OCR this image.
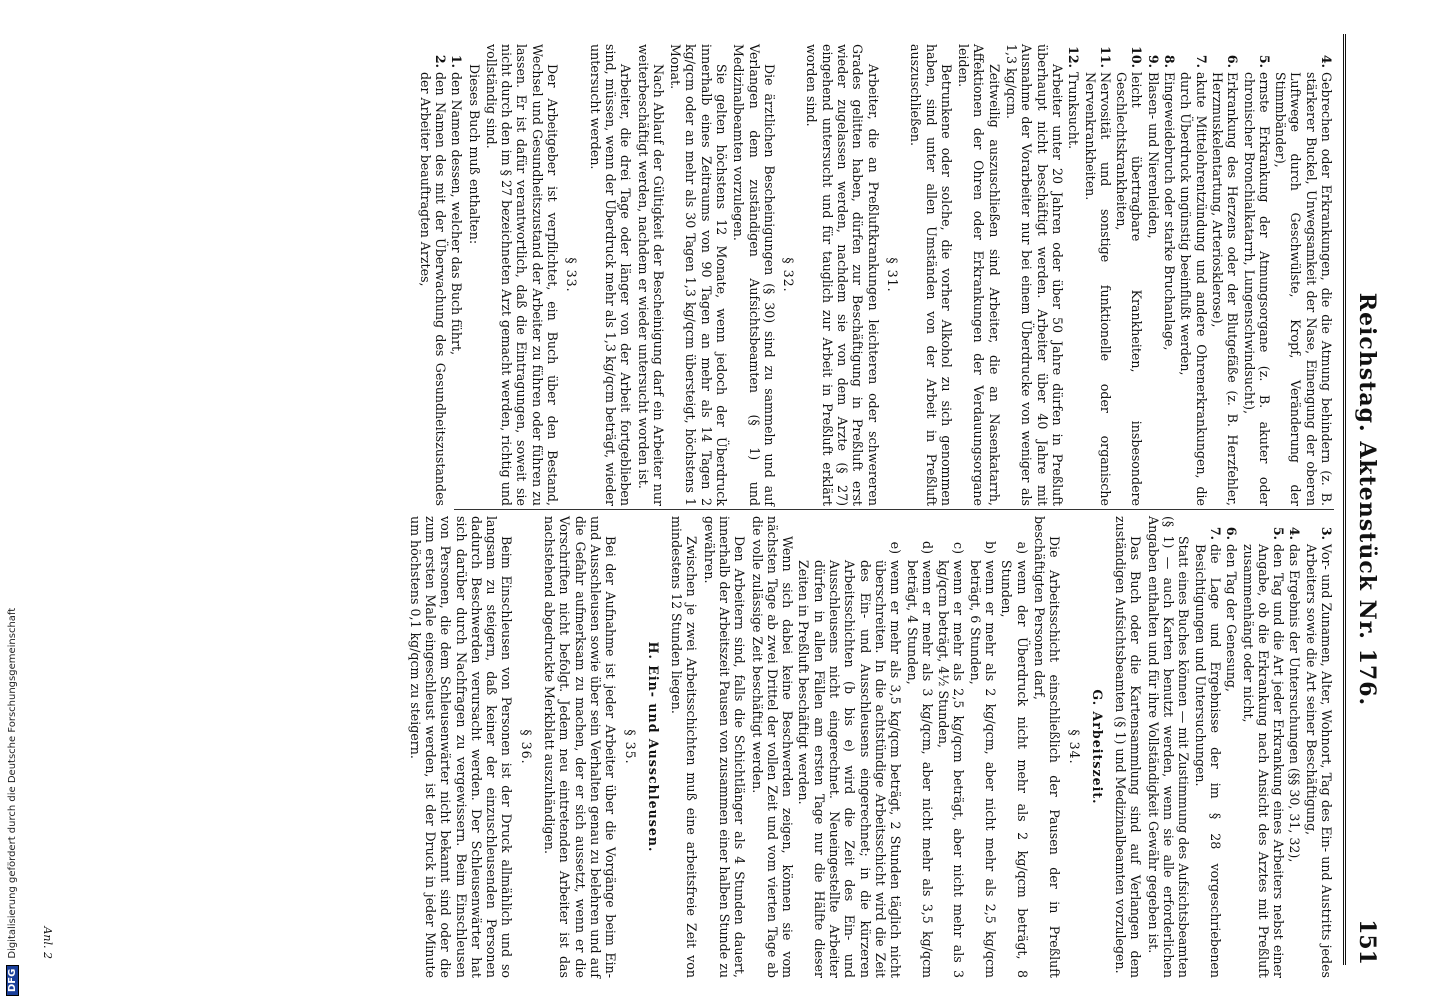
Reichstag. Aktenstück Nr. 176.
151
4.
Gebrechen oder Erkrankungen, die die Atmung behindern (z. B. stärkerer Buckel, Unwegsamkeit der Nase, Einengung der oberen Luftwege durch Geschwülste, Kropf, Veränderung der Stimmbänder),
5.
ernste Erkrankung der Atmungsorgane (z. B. akuter oder chronischer Bronchialkatarrh, Lungenschwindsucht),
6.
Erkrankung des Herzens oder der Blutgefäße (z. B. Herzfehler, Herzmuskelentartung, Arteriosklerose),
7.
akute Mittelohrentzündung und andere Ohrenerkrankungen, die durch Überdruck ungünstig beeinflußt werden,
8.
Eingeweidebruch oder starke Bruchanlage,
9.
Blasen- und Nierenleiden,
10.
leicht übertragbare Krankheiten, insbesondere Geschlechtskrankheiten,
11.
Nervosität und sonstige funktionelle oder organische Nervenkrankheiten.
12.
Trunksucht.

Arbeiter unter 20 Jahren oder über 50 Jahre dürfen in Preßluft überhaupt nicht beschäftigt werden. Arbeiter über 40 Jahre mit Ausnahme der Vorarbeiter nur bei einem Überdrucke von weniger als 1,3 kg/qcm.

Zeitweilig auszuschließen sind Arbeiter, die an Nasenkatarrh, Affektionen der Ohren oder Erkrankungen der Verdauungsorgane leiden.

Betrunkene oder solche, die vorher Alkohol zu sich genommen haben, sind unter allen Umständen von der Arbeit in Preßluft auszuschließen.

§ 31.

Arbeiter, die an Preßluftkrankungen leichteren oder schwereren Grades gelitten haben, dürfen zur Beschäftigung in Preßluft erst wieder zugelassen werden, nachdem sie von dem Arzte (§ 27) eingehend untersucht und für tauglich zur Arbeit in Preßluft erklärt worden sind.

§ 32.

Die ärztlichen Bescheinigungen (§ 30) sind zu sammeln und auf Verlangen dem zuständigen Aufsichtsbeamten (§ 1) und Medizinalbeamten vorzulegen.

Sie gelten höchstens 12 Monate, wenn jedoch der Überdruck innerhalb eines Zeitraums von 90 Tagen an mehr als 14 Tagen 2 kg/qcm oder an mehr als 30 Tagen 1,3 kg/qcm übersteigt, höchstens 1 Monat.

Nach Ablauf der Gültigkeit der Bescheinigung darf ein Arbeiter nur weiterbeschäftigt werden, nachdem er wieder untersucht worden ist.

Arbeiter, die drei Tage oder länger von der Arbeit fortgeblieben sind, müssen, wenn der Überdruck mehr als 1,3 kg/qcm beträgt, wieder untersucht werden.

§ 33.

Der Arbeitgeber ist verpflichtet, ein Buch über den Bestand, Wechsel und Gesundheitszustand der Arbeiter zu führen oder führen zu lassen. Er ist dafür verantwortlich, daß die Eintragungen, soweit sie nicht durch den im § 27 bezeichneten Arzt gemacht werden, richtig und vollständig sind.

Dieses Buch muß enthalten:

1.
den Namen dessen, welcher das Buch führt,
2.
den Namen des mit der Überwachung des Gesundheitszustandes der Arbeiter beauftragten Arztes,
3.
Vor- und Zunamen, Alter, Wohnort, Tag des Ein- und Austritts jedes Arbeiters sowie die Art seiner Beschäftigung,
4.
das Ergebnis der Untersuchungen (§§ 30, 31, 32),
5.
den Tag und die Art jeder Erkrankung eines Arbeiters nebst einer Angabe, ob die Erkrankung nach Ansicht des Arztes mit Preßluft zusammenhängt oder nicht,
6.
den Tag der Genesung,
7.
die Lage und Ergebnisse der im § 28 vorgeschriebenen Besichtigungen und Untersuchungen.

Statt eines Buches können — mit Zustimmung des Aufsichtsbeamten (§ 1) — auch Karten benutzt werden, wenn sie alle erforderlichen Angaben enthalten und für ihre Vollständigkeit Gewähr gegeben ist.

Das Buch oder die Kartensammlung sind auf Verlangen dem zuständigen Aufsichtsbeamten (§ 1) und Medizinalbeamten vorzulegen.

G. Arbeitszeit.
§ 34.

Die Arbeitsschicht einschließlich der Pausen der in Preßluft beschäftigten Personen darf,

a)
wenn der Überdruck nicht mehr als 2 kg/qcm beträgt, 8 Stunden,
b)
wenn er mehr als 2 kg/qcm, aber nicht mehr als 2,5 kg/qcm beträgt, 6 Stunden,
c)
wenn er mehr als 2,5 kg/qcm beträgt, aber nicht mehr als 3 kg/qcm beträgt, 4½ Stunden,
d)
wenn er mehr als 3 kg/qcm, aber nicht mehr als 3,5 kg/qcm beträgt, 4 Stunden,
e)
wenn er mehr als 3,5 kg/qcm beträgt, 2 Stunden täglich nicht überschreiten. In die achtstündige Arbeitsschicht wird die Zeit des Ein- und Ausschleusens eingerechnet; in die kürzeren Arbeitsschichten (b bis e) wird die Zeit des Ein- und Ausschleusens nicht eingerechnet. Neueingestellte Arbeiter dürfen in allen Fällen am ersten Tage nur die Hälfte dieser Zeiten in Preßluft beschäftigt werden.

Wenn sich dabei keine Beschwerden zeigen, können sie vom nächsten Tage ab zwei Drittel der vollen Zeit und vom vierten Tage ab die volle zulässige Zeit beschäftigt werden.

Den Arbeitern sind, falls die Schichtlänger als 4 Stunden dauert, innerhalb der Arbeitszeit Pausen von zusammen einer halben Stunde zu gewähren.

Zwischen je zwei Arbeitsschichten muß eine arbeitsfreie Zeit von mindestens 12 Stunden liegen.

H. Ein- und Ausschleusen.
§ 35.

Bei der Aufnahme ist jeder Arbeiter über die Vorgänge beim Ein- und Ausschleusen sowie über sein Verhalten genau zu belehren und auf die Gefahr aufmerksam zu machen, der er sich aussetzt, wenn er die Vorschriften nicht befolgt. Jedem neu eintretenden Arbeiter ist das nachstehend abgedruckte Merkblatt auszuhändigen.

§ 36.

Beim Einschleusen von Personen ist der Druck allmählich und so langsam zu steigern, daß keiner der einzuschleusenden Personen dadurch Beschwerden verursacht werden. Der Schleusenwärter hat sich darüber durch Nachfragen zu vergewissern. Beim Einschleusen von Personen, die dem Schleusenwärter nicht bekannt sind oder die zum ersten Male eingeschleust werden, ist der Druck in jeder Minute um höchstens 0,1 kg/qcm zu steigern.

Anl. 2
DFGDigitalisierung gefördert durch die Deutsche Forschungsgemeinschaft
